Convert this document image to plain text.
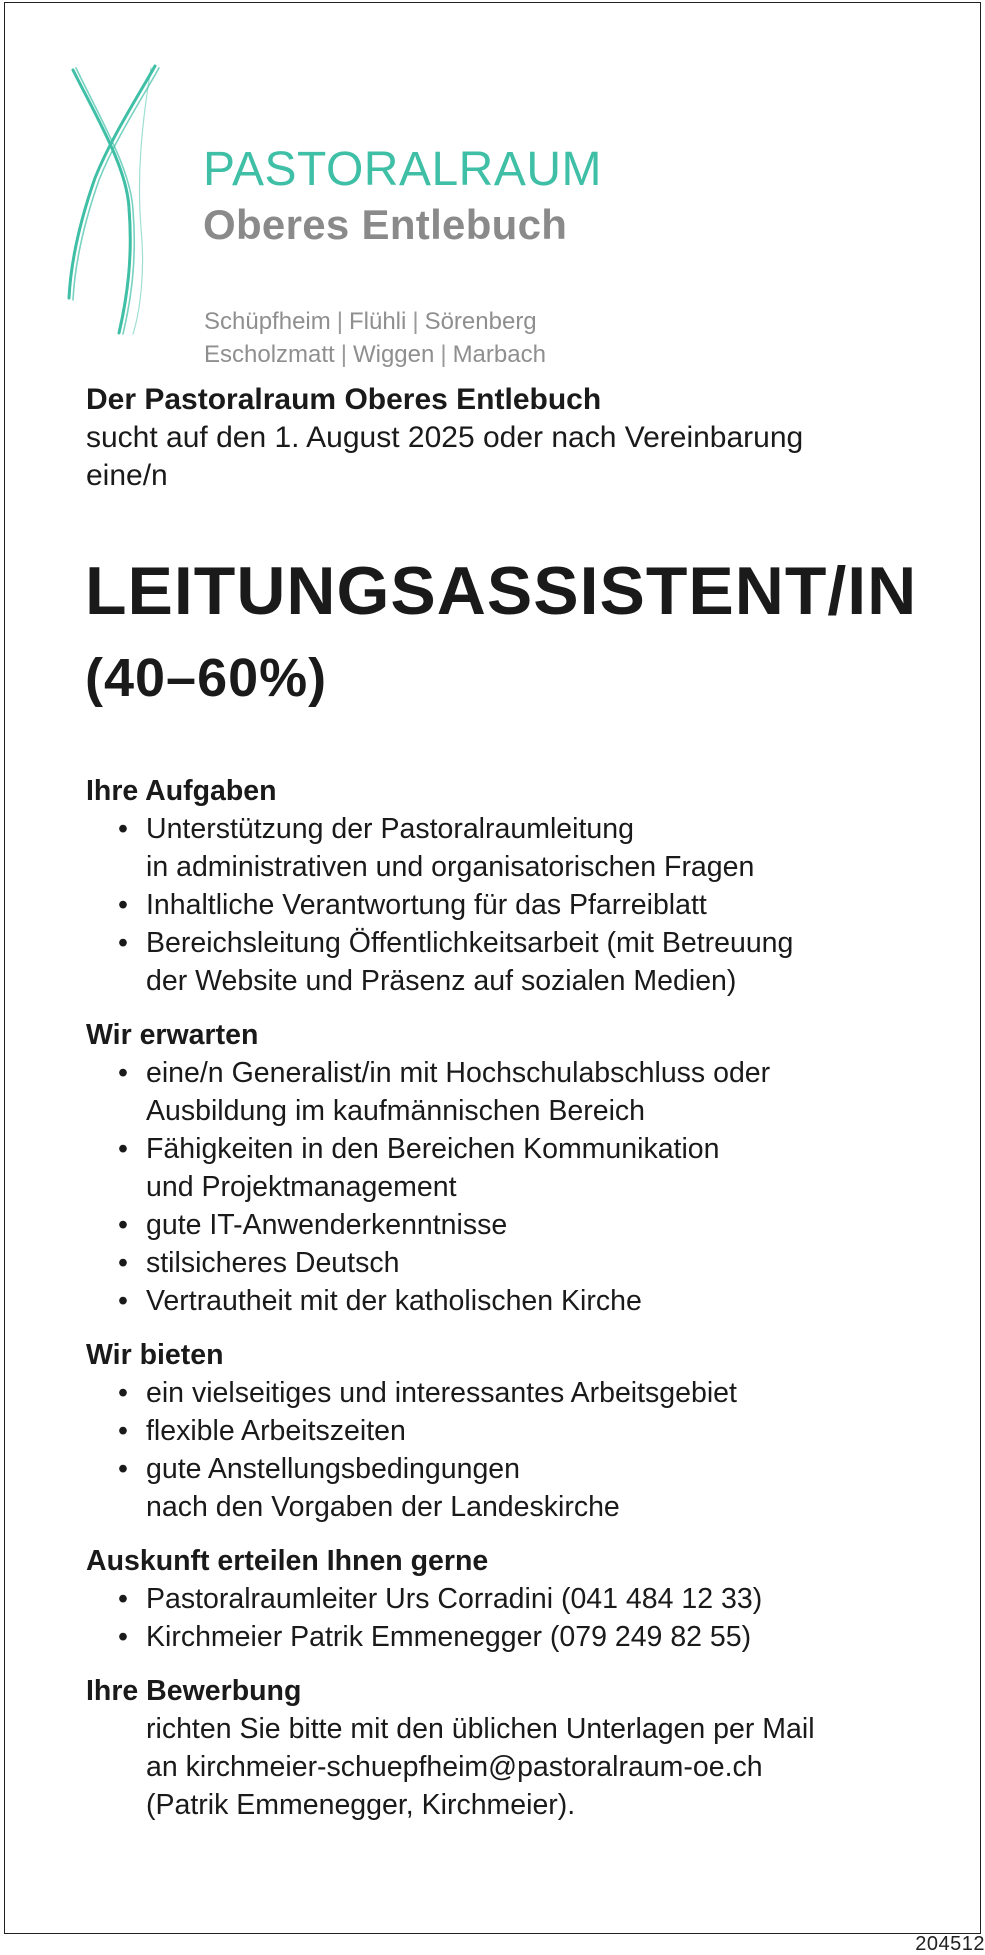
PASTORALRAUM
Oberes Entlebuch
Schüpfheim | Flühli | Sörenberg
Escholzmatt | Wiggen | Marbach
Der Pastoralraum Oberes Entlebuch
sucht auf den 1. August 2025 oder nach Vereinbarung
eine/n
LEITUNGSASSISTENT/IN
(40–60%)
Ihre Aufgaben
• Unterstützung der Pastoralraumleitung
in administrativen und organisatorischen Fragen
• Inhaltliche Verantwortung für das Pfarreiblatt
• Bereichsleitung Öffentlichkeitsarbeit (mit Betreuung
der Website und Präsenz auf sozialen Medien)
Wir erwarten
• eine/n Generalist/in mit Hochschulabschluss oder
Ausbildung im kaufmännischen Bereich
• Fähigkeiten in den Bereichen Kommunikation
und Projektmanagement
• gute IT-Anwenderkenntnisse
• stilsicheres Deutsch
• Vertrautheit mit der katholischen Kirche
Wir bieten
• ein vielseitiges und interessantes Arbeitsgebiet
• flexible Arbeitszeiten
• gute Anstellungsbedingungen
nach den Vorgaben der Landeskirche
Auskunft erteilen Ihnen gerne
• Pastoralraumleiter Urs Corradini (041 484 12 33)
• Kirchmeier Patrik Emmenegger (079 249 82 55)
Ihre Bewerbung
richten Sie bitte mit den üblichen Unterlagen per Mail
an kirchmeier-schuepfheim@pastoralraum-oe.ch
(Patrik Emmenegger, Kirchmeier).
204512
